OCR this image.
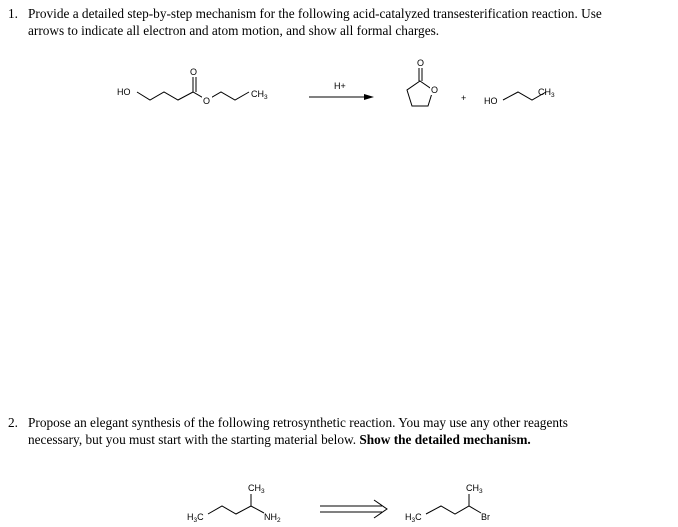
1. Provide a detailed step-by-step mechanism for the following acid-catalyzed transesterification reaction. Use
arrows to indicate all electron and atom motion, and show all formal charges.
2. Propose an elegant synthesis of the following retrosynthetic reaction. You may use any other reagents
necessary, but you must start with the starting material below. Show the detailed mechanism.
HO
O
O
$CH_3$
H+
O
O
+ HO
$CH_3$
$H_3C$
$CH_3$
$NH_2$	$H_3C$
$CH_3$
Br
